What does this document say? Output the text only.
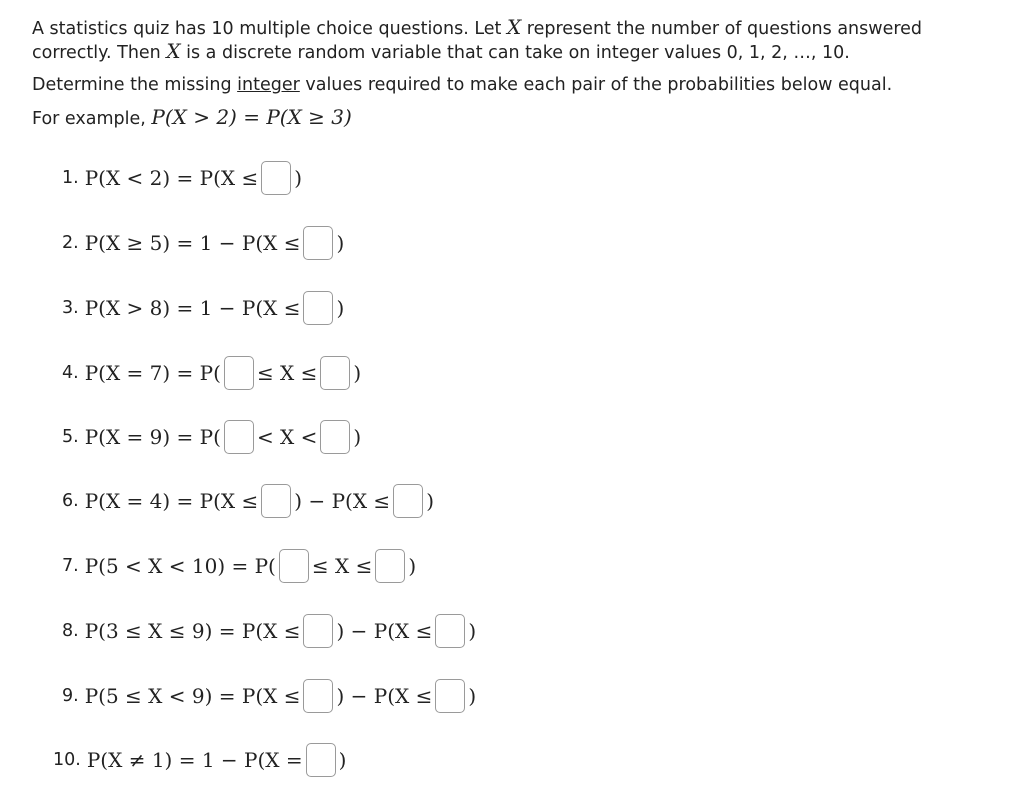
A statistics quiz has 10 multiple choice questions. Let X represent the number of questions answered correctly. Then X is a discrete random variable that can take on integer values 0, 1, 2, …, 10.

Determine the missing integer values required to make each pair of the probabilities below equal.

For example, P(X > 2) = P(X ≥ 3)

1. P(X < 2) = P(X ≤ )
2. P(X ≥ 5) = 1 − P(X ≤ )
3. P(X > 8) = 1 − P(X ≤ )
4. P(X = 7) = P( ≤ X ≤ )
5. P(X = 9) = P( < X < )
6. P(X = 4) = P(X ≤ ) − P(X ≤ )
7. P(5 < X < 10) = P( ≤ X ≤ )
8. P(3 ≤ X ≤ 9) = P(X ≤ ) − P(X ≤ )
9. P(5 ≤ X < 9) = P(X ≤ ) − P(X ≤ )
10. P(X ≠ 1) = 1 − P(X = )
